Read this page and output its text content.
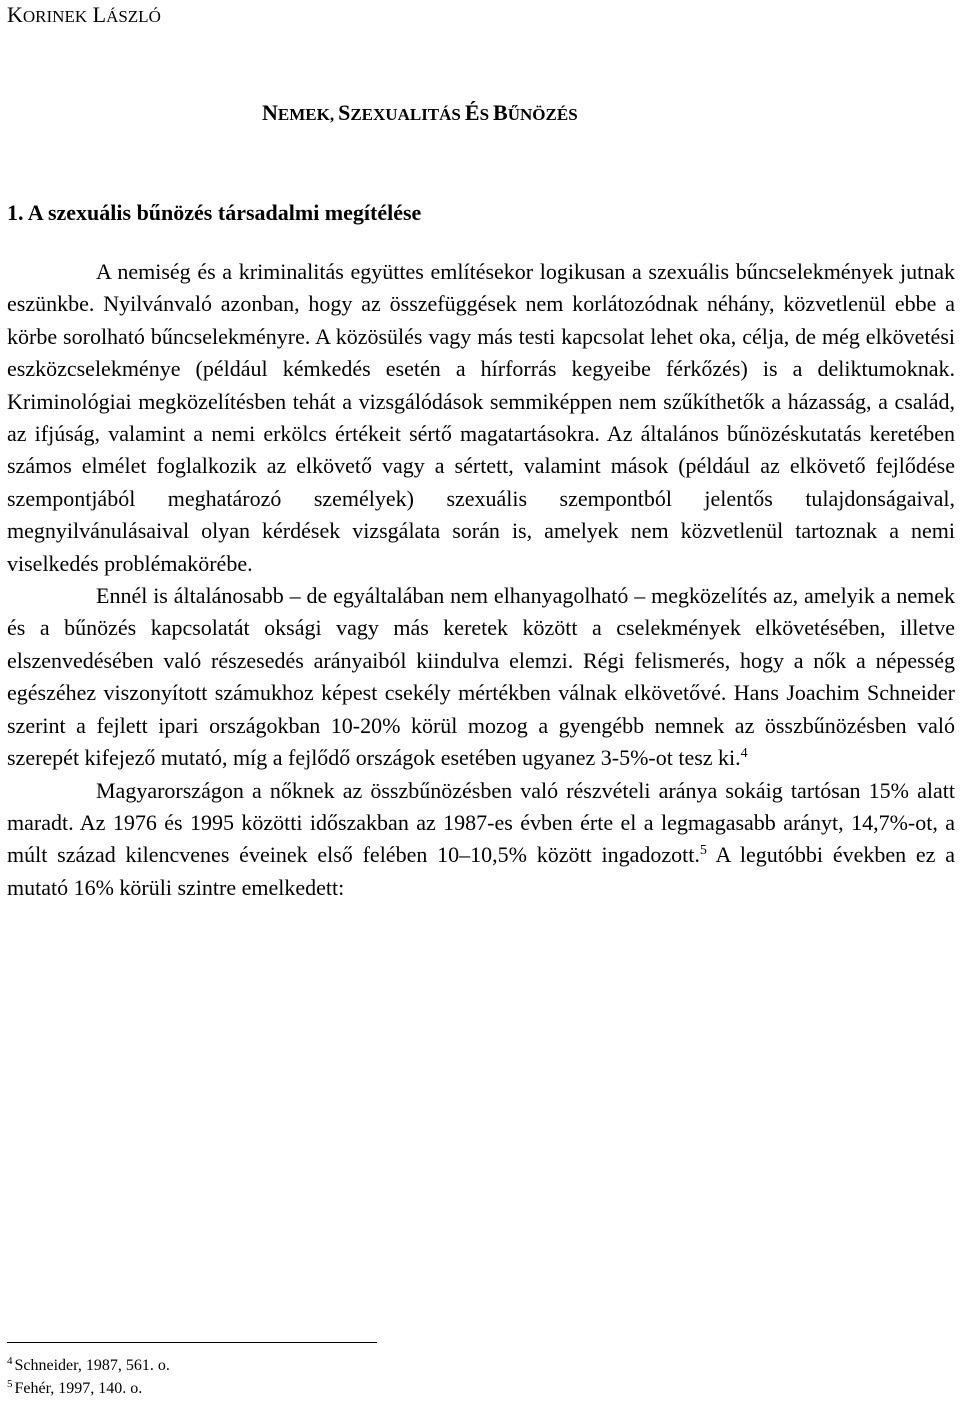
KORINEK LÁSZLÓ
NEMEK, SZEXUALITÁS ÉS BŰNÖZÉS
1. A szexuális bűnözés társadalmi megítélése

A nemiség és a kriminalitás együttes említésekor logikusan a szexuális bűncselekmények jutnak eszünkbe. Nyilvánvaló azonban, hogy az összefüggések nem korlátozódnak néhány, közvetlenül ebbe a körbe sorolható bűncselekményre. A közösülés vagy más testi kapcsolat lehet oka, célja, de még elkövetési eszközcselekménye (például kémkedés esetén a hírforrás kegyeibe férkőzés) is a deliktumoknak. Kriminológiai megközelítésben tehát a vizsgálódások semmiképpen nem szűkíthetők a házasság, a család, az ifjúság, valamint a nemi erkölcs értékeit sértő magatartásokra. Az általános bűnözéskutatás keretében számos elmélet foglalkozik az elkövető vagy a sértett, valamint mások (például az elkövető fejlődése szempontjából meghatározó személyek) szexuális szempontból jelentős tulajdonságaival, megnyilvánulásaival olyan kérdések vizsgálata során is, amelyek nem közvetlenül tartoznak a nemi viselkedés problémakörébe.

Ennél is általánosabb – de egyáltalában nem elhanyagolható – megközelítés az, amelyik a nemek és a bűnözés kapcsolatát oksági vagy más keretek között a cselekmények elkövetésében, illetve elszenvedésében való részesedés arányaiból kiindulva elemzi. Régi felismerés, hogy a nők a népesség egészéhez viszonyított számukhoz képest csekély mértékben válnak elkövetővé. Hans Joachim Schneider szerint a fejlett ipari országokban 10-20% körül mozog a gyengébb nemnek az összbűnözésben való szerepét kifejező mutató, míg a fejlődő országok esetében ugyanez 3-5%-ot tesz ki.$^4$

Magyarországon a nőknek az összbűnözésben való részvételi aránya sokáig tartósan 15% alatt maradt. Az 1976 és 1995 közötti időszakban az 1987-es évben érte el a legmagasabb arányt, 14,7%-ot, a múlt század kilencvenes éveinek első felében 10–10,5% között ingadozott.$^5$ A legutóbbi években ez a mutató 16% körüli szintre emelkedett:

$^4$ Schneider, 1987, 561. o.
$^5$ Fehér, 1997, 140. o.
